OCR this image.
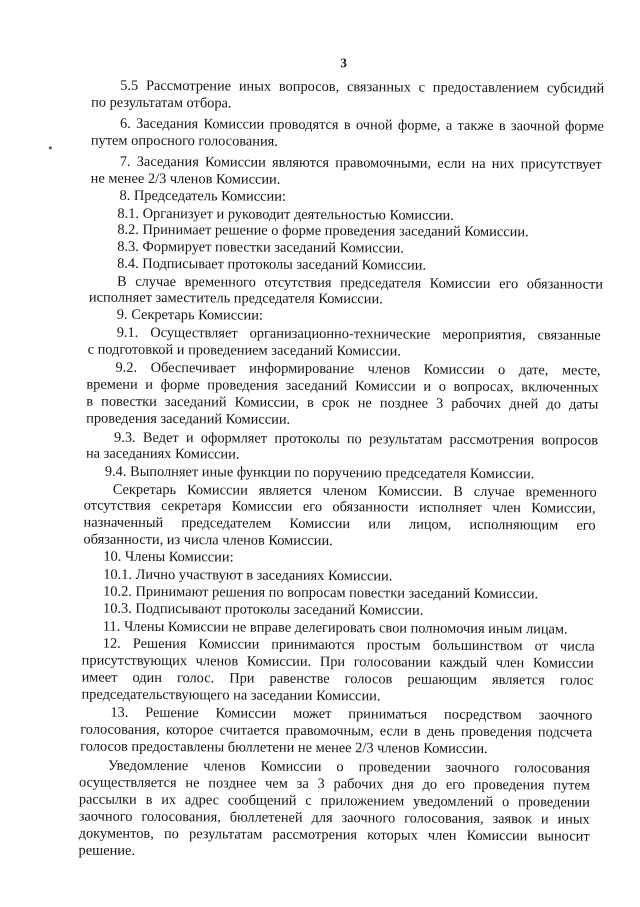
3
5.5 Рассмотрение иных вопросов, связанных с предоставлением субсидий
по результатам отбора.
6. Заседания Комиссии проводятся в очной форме, а также в заочной форме
путем опросного голосования.
7. Заседания Комиссии являются правомочными, если на них присутствует
не менее 2/3 членов Комиссии.
8. Председатель Комиссии:
8.1. Организует и руководит деятельностью Комиссии.
8.2. Принимает решение о форме проведения заседаний Комиссии.
8.3. Формирует повестки заседаний Комиссии.
8.4. Подписывает протоколы заседаний Комиссии.
В случае временного отсутствия председателя Комиссии его обязанности
исполняет заместитель председателя Комиссии.
9. Секретарь Комиссии:
9.1. Осуществляет организационно-технические мероприятия, связанные
с подготовкой и проведением заседаний Комиссии.
9.2. Обеспечивает информирование членов Комиссии о дате, месте,
времени и форме проведения заседаний Комиссии и о вопросах, включенных
в повестки заседаний Комиссии, в срок не позднее 3 рабочих дней до даты
проведения заседаний Комиссии.
9.3. Ведет и оформляет протоколы по результатам рассмотрения вопросов
на заседаниях Комиссии.
9.4. Выполняет иные функции по поручению председателя Комиссии.
Секретарь Комиссии является членом Комиссии. В случае временного
отсутствия секретаря Комиссии его обязанности исполняет член Комиссии,
назначенный председателем Комиссии или лицом, исполняющим его
обязанности, из числа членов Комиссии.
10. Члены Комиссии:
10.1. Лично участвуют в заседаниях Комиссии.
10.2. Принимают решения по вопросам повестки заседаний Комиссии.
10.3. Подписывают протоколы заседаний Комиссии.
11. Члены Комиссии не вправе делегировать свои полномочия иным лицам.
12. Решения Комиссии принимаются простым большинством от числа
присутствующих членов Комиссии. При голосовании каждый член Комиссии
имеет один голос. При равенстве голосов решающим является голос
председательствующего на заседании Комиссии.
13. Решение Комиссии может приниматься посредством заочного
голосования, которое считается правомочным, если в день проведения подсчета
голосов предоставлены бюллетени не менее 2/3 членов Комиссии.
Уведомление членов Комиссии о проведении заочного голосования
осуществляется не позднее чем за 3 рабочих дня до его проведения путем
рассылки в их адрес сообщений с приложением уведомлений о проведении
заочного голосования, бюллетеней для заочного голосования, заявок и иных
документов, по результатам рассмотрения которых член Комиссии выносит
решение.
